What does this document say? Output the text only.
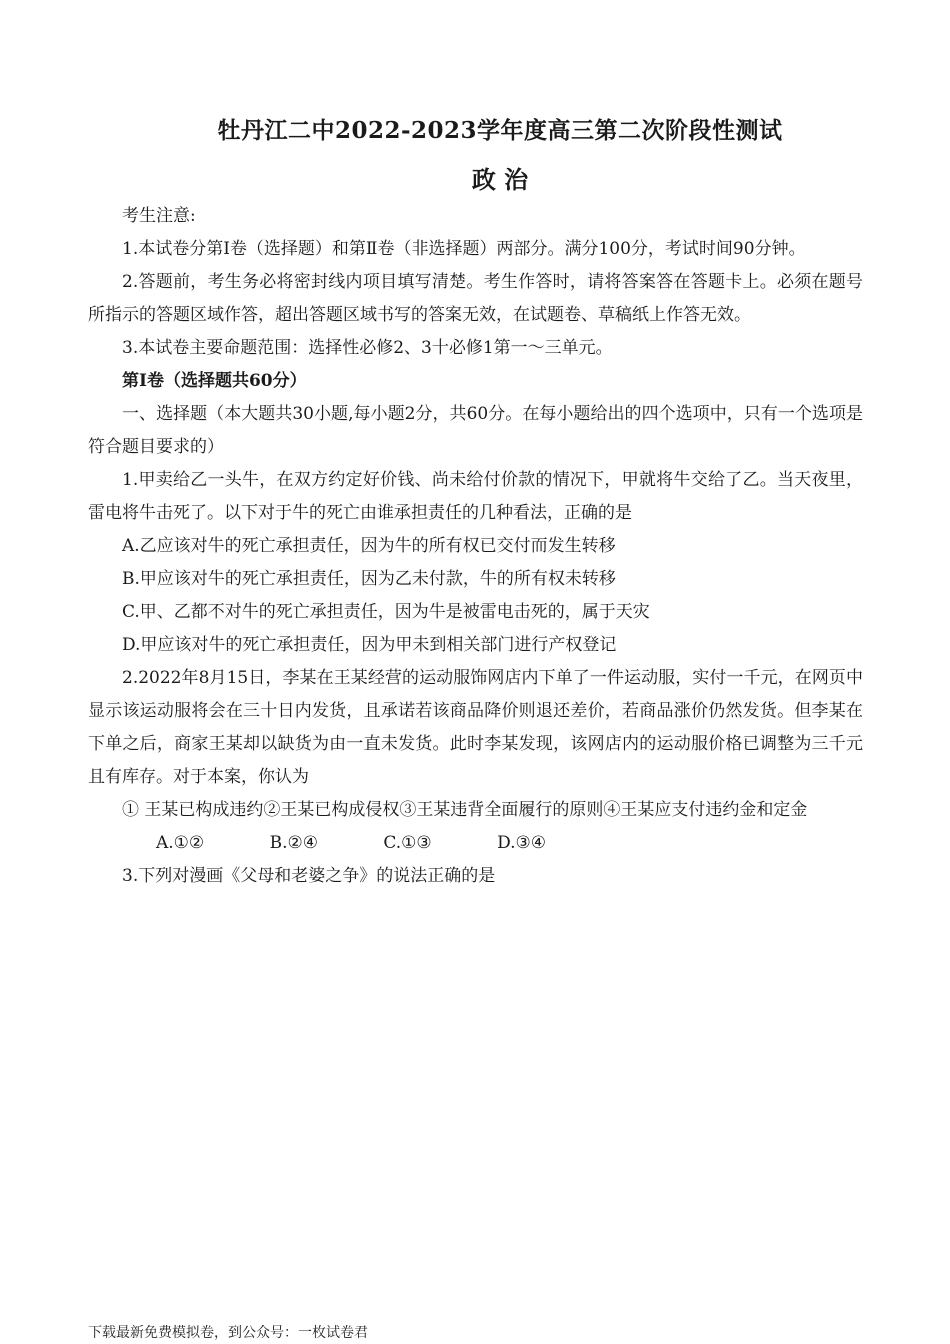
牡丹江二中2022-2023学年度高三第二次阶段性测试
政 治

考生注意:

1.本试卷分第Ⅰ卷（选择题）和第Ⅱ卷（非选择题）两部分。满分100分，考试时间90分钟。

2.答题前，考生务必将密封线内项目填写清楚。考生作答时，请将答案答在答题卡上。必须在题号所指示的答题区域作答，超出答题区域书写的答案无效，在试题卷、草稿纸上作答无效。

3.本试卷主要命题范围：选择性必修2、3十必修1第一～三单元。

第Ⅰ卷（选择题共60分）

一、选择题（本大题共30小题,每小题2分，共60分。在每小题给出的四个选项中，只有一个选项是符合题目要求的）

1.甲卖给乙一头牛，在双方约定好价钱、尚未给付价款的情况下，甲就将牛交给了乙。当天夜里，雷电将牛击死了。以下对于牛的死亡由谁承担责任的几种看法，正确的是

A.乙应该对牛的死亡承担责任，因为牛的所有权已交付而发生转移

B.甲应该对牛的死亡承担责任，因为乙未付款，牛的所有权未转移

C.甲、乙都不对牛的死亡承担责任，因为牛是被雷电击死的，属于天灾

D.甲应该对牛的死亡承担责任，因为甲未到相关部门进行产权登记

2.2022年8月15日，李某在王某经营的运动服饰网店内下单了一件运动服，实付一千元，在网页中显示该运动服将会在三十日内发货，且承诺若该商品降价则退还差价，若商品涨价仍然发货。但李某在下单之后，商家王某却以缺货为由一直未发货。此时李某发现，该网店内的运动服价格已调整为三千元且有库存。对于本案，你认为

① 王某已构成违约②王某已构成侵权③王某违背全面履行的原则④王某应支付违约金和定金

A.①②	B.②④	C.①③	D.③④

3.下列对漫画《父母和老婆之争》的说法正确的是

下载最新免费模拟卷，到公众号：一枚试卷君
